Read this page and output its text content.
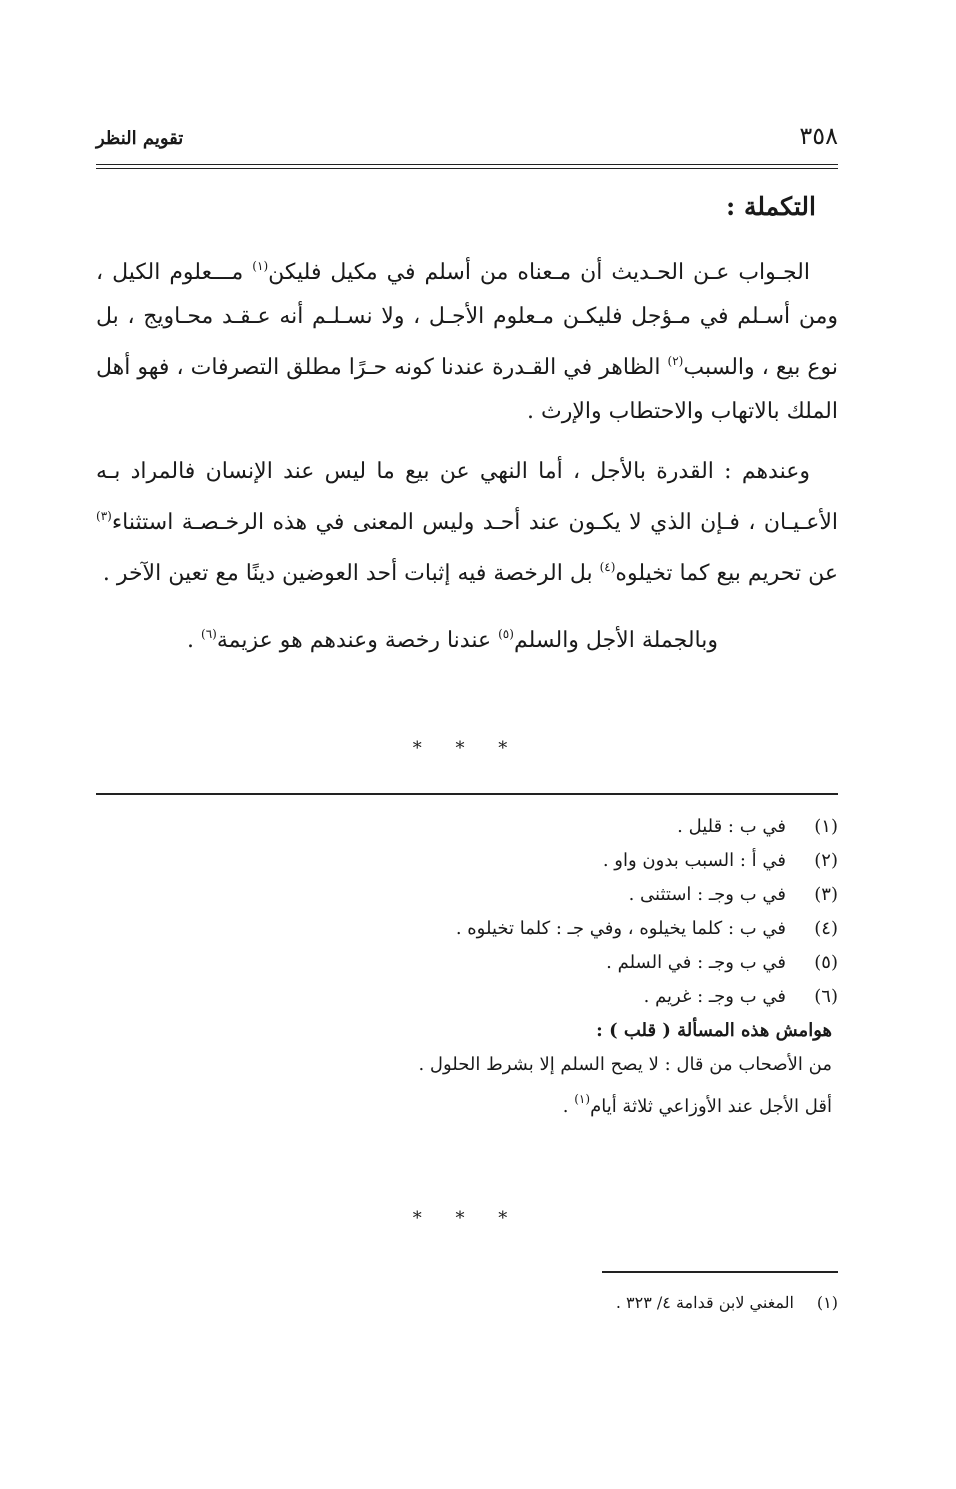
٣٥٨
تقويم النظر
التكملة :

الجـواب عـن الحـديث أن مـعناه من أسلم في مكيل فليكن$^{(١)}$ مـــعلوم الكيل ، ومن أسـلم في مـؤجل فليكـن مـعلوم الأجـل ، ولا نسـلـم أنه عـقـد محـاويج ، بل نوع بيع ، والسبب$^{(٢)}$ الظاهر في القـدرة عندنا كونه حـرًا مطلق التصرفات ، فهو أهل الملك بالاتهاب والاحتطاب والإرث .

وعندهم : القدرة بالأجل ، أما النهي عن بيع ما ليس عند الإنسان فالمراد بـه الأعـيـان ، فـإن الذي لا يكـون عند أحـد وليس المعنى في هذه الرخـصـة استثناء$^{(٣)}$ عن تحريم بيع كما تخيلوه$^{(٤)}$ بل الرخصة فيه إثبات أحد العوضين دينًا مع تعين الآخر .

وبالجملة الأجل والسلم$^{(٥)}$ عندنا رخصة وعندهم هو عزيمة$^{(٦)}$ .

* * *
(١)
في ب : قليل .
(٢)
في أ : السبب بدون واو .
(٣)
في ب وجـ : استثنى .
(٤)
في ب : كلما يخيلوه ، وفي جـ : كلما تخيلوه .
(٥)
في ب وجـ : في السلم .
(٦)
في ب وجـ : غريم .
هوامش هذه المسألة ( قلب ) :
من الأصحاب من قال : لا يصح السلم إلا بشرط الحلول .
أقل الأجل عند الأوزاعي ثلاثة أيام$^{(١)}$ .
* * *
(١)
المغني لابن قدامة ٤/ ٣٢٣ .
